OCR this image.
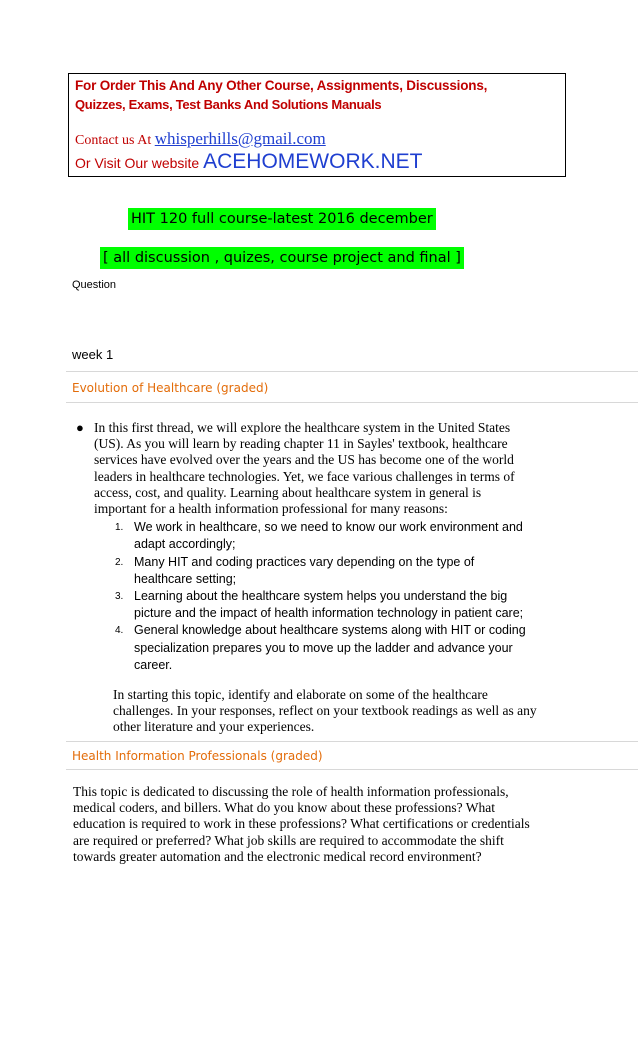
For Order This And Any Other Course, Assignments, Discussions,
Quizzes, Exams, Test Banks And Solutions Manuals
Contact us At whisperhills@gmail.com
Or Visit Our website ACEHOMEWORK.NET
HIT 120 full course-latest 2016 december
[ all discussion , quizes, course project and final ]
Question
week 1
Evolution of Healthcare (graded)
● In this first thread, we will explore the healthcare system in the United States
(US). As you will learn by reading chapter 11 in Sayles' textbook, healthcare
services have evolved over the years and the US has become one of the world
leaders in healthcare technologies. Yet, we face various challenges in terms of
access, cost, and quality. Learning about healthcare system in general is
important for a health information professional for many reasons:
1. We work in healthcare, so we need to know our work environment and
adapt accordingly;
2. Many HIT and coding practices vary depending on the type of
healthcare setting;
3. Learning about the healthcare system helps you understand the big
picture and the impact of health information technology in patient care;
4. General knowledge about healthcare systems along with HIT or coding
specialization prepares you to move up the ladder and advance your
career.
In starting this topic, identify and elaborate on some of the healthcare
challenges. In your responses, reflect on your textbook readings as well as any
other literature and your experiences.
Health Information Professionals (graded)
This topic is dedicated to discussing the role of health information professionals,
medical coders, and billers. What do you know about these professions? What
education is required to work in these professions? What certifications or credentials
are required or preferred? What job skills are required to accommodate the shift
towards greater automation and the electronic medical record environment?
